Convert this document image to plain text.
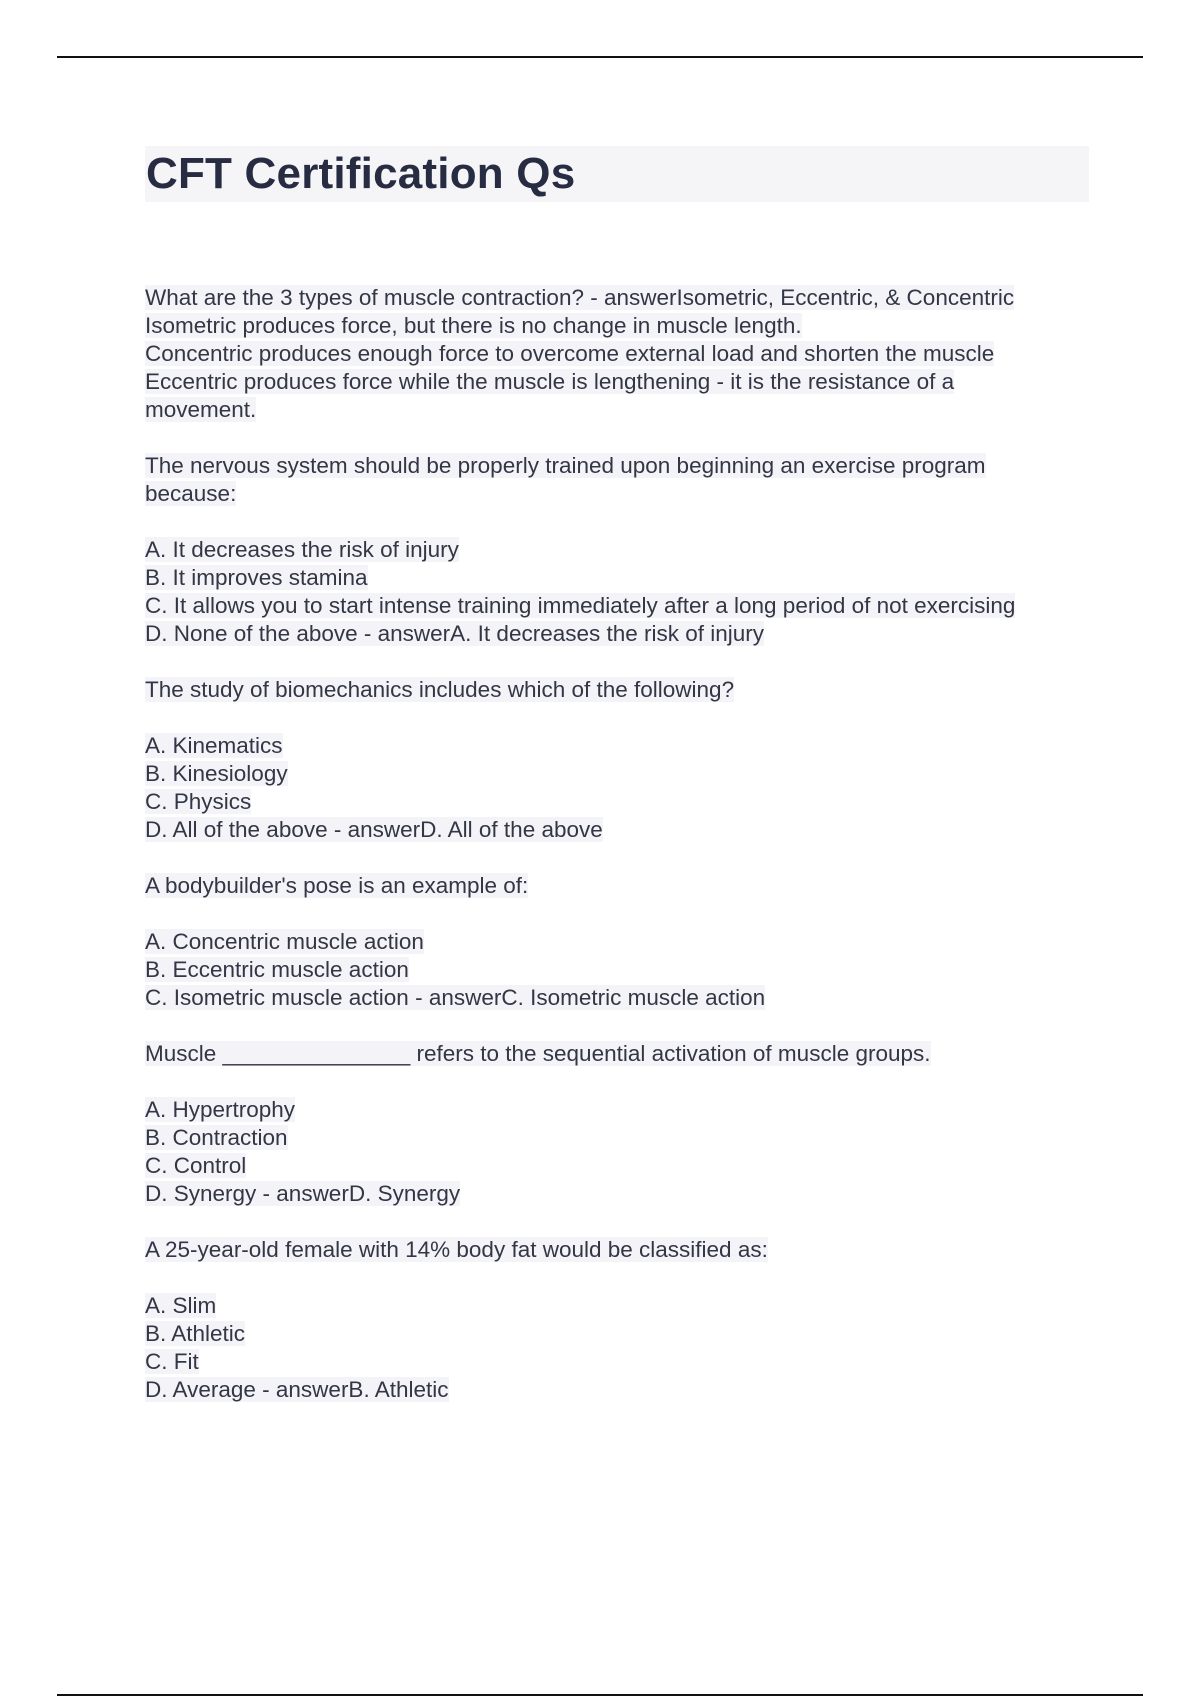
CFT Certification Qs
What are the 3 types of muscle contraction? - answerIsometric, Eccentric, & Concentric
Isometric produces force, but there is no change in muscle length.
Concentric produces enough force to overcome external load and shorten the muscle
Eccentric produces force while the muscle is lengthening - it is the resistance of a
movement.
The nervous system should be properly trained upon beginning an exercise program
because:
A. It decreases the risk of injury
B. It improves stamina
C. It allows you to start intense training immediately after a long period of not exercising
D. None of the above - answerA. It decreases the risk of injury
The study of biomechanics includes which of the following?
A. Kinematics
B. Kinesiology
C. Physics
D. All of the above - answerD. All of the above
A bodybuilder's pose is an example of:
A. Concentric muscle action
B. Eccentric muscle action
C. Isometric muscle action - answerC. Isometric muscle action
Muscle _______________ refers to the sequential activation of muscle groups.
A. Hypertrophy
B. Contraction
C. Control
D. Synergy - answerD. Synergy
A 25-year-old female with 14% body fat would be classified as:
A. Slim
B. Athletic
C. Fit
D. Average - answerB. Athletic
